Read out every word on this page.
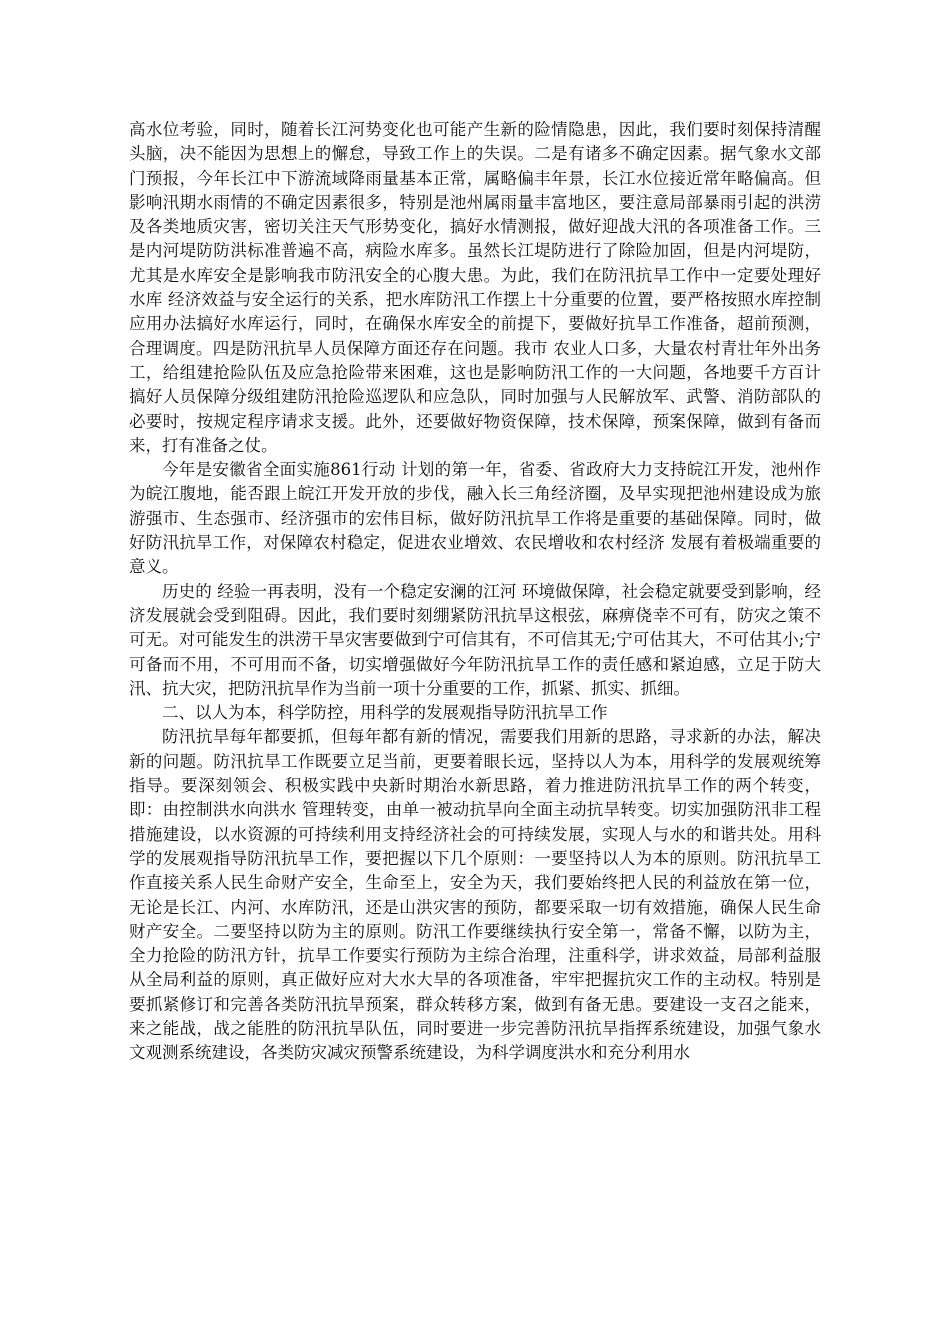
高水位考验，同时，随着长江河势变化也可能产生新的险情隐患，因此，我们要时刻保持清醒头脑，决不能因为思想上的懈怠，导致工作上的失误。二是有诸多不确定因素。据气象水文部门预报，今年长江中下游流域降雨量基本正常，属略偏丰年景，长江水位接近常年略偏高。但影响汛期水雨情的不确定因素很多，特别是池州属雨量丰富地区，要注意局部暴雨引起的洪涝及各类地质灾害，密切关注天气形势变化，搞好水情测报，做好迎战大汛的各项准备工作。三是内河堤防防洪标准普遍不高，病险水库多。虽然长江堤防进行了除险加固，但是内河堤防，尤其是水库安全是影响我市防汛安全的心腹大患。为此，我们在防汛抗旱工作中一定要处理好水库 经济效益与安全运行的关系，把水库防汛工作摆上十分重要的位置，要严格按照水库控制 应用办法搞好水库运行，同时，在确保水库安全的前提下，要做好抗旱工作准备，超前预测，合理调度。四是防汛抗旱人员保障方面还存在问题。我市 农业人口多，大量农村青壮年外出务工，给组建抢险队伍及应急抢险带来困难，这也是影响防汛工作的一大问题，各地要千方百计搞好人员保障分级组建防汛抢险巡逻队和应急队，同时加强与人民解放军、武警、消防部队的必要时，按规定程序请求支援。此外，还要做好物资保障，技术保障，预案保障，做到有备而来，打有准备之仗。

今年是安徽省全面实施861行动 计划的第一年，省委、省政府大力支持皖江开发，池州作为皖江腹地，能否跟上皖江开发开放的步伐，融入长三角经济圈，及早实现把池州建设成为旅游强市、生态强市、经济强市的宏伟目标，做好防汛抗旱工作将是重要的基础保障。同时，做好防汛抗旱工作，对保障农村稳定，促进农业增效、农民增收和农村经济 发展有着极端重要的意义。

历史的 经验一再表明，没有一个稳定安澜的江河 环境做保障，社会稳定就要受到影响，经济发展就会受到阻碍。因此，我们要时刻绷紧防汛抗旱这根弦，麻痹侥幸不可有，防灾之策不可无。对可能发生的洪涝干旱灾害要做到宁可信其有，不可信其无;宁可估其大，不可估其小;宁可备而不用，不可用而不备，切实增强做好今年防汛抗旱工作的责任感和紧迫感，立足于防大汛、抗大灾，把防汛抗旱作为当前一项十分重要的工作，抓紧、抓实、抓细。

二、以人为本，科学防控，用科学的发展观指导防汛抗旱工作

防汛抗旱每年都要抓，但每年都有新的情况，需要我们用新的思路，寻求新的办法，解决新的问题。防汛抗旱工作既要立足当前，更要着眼长远，坚持以人为本，用科学的发展观统筹指导。要深刻领会、积极实践中央新时期治水新思路，着力推进防汛抗旱工作的两个转变，即：由控制洪水向洪水 管理转变，由单一被动抗旱向全面主动抗旱转变。切实加强防汛非工程措施建设，以水资源的可持续利用支持经济社会的可持续发展，实现人与水的和谐共处。用科学的发展观指导防汛抗旱工作，要把握以下几个原则：一要坚持以人为本的原则。防汛抗旱工作直接关系人民生命财产安全，生命至上，安全为天，我们要始终把人民的利益放在第一位，无论是长江、内河、水库防汛，还是山洪灾害的预防，都要采取一切有效措施，确保人民生命财产安全。二要坚持以防为主的原则。防汛工作要继续执行安全第一，常备不懈，以防为主，全力抢险的防汛方针，抗旱工作要实行预防为主综合治理，注重科学，讲求效益，局部利益服从全局利益的原则，真正做好应对大水大旱的各项准备，牢牢把握抗灾工作的主动权。特别是要抓紧修订和完善各类防汛抗旱预案，群众转移方案，做到有备无患。要建设一支召之能来，来之能战，战之能胜的防汛抗旱队伍，同时要进一步完善防汛抗旱指挥系统建设，加强气象水文观测系统建设，各类防灾减灾预警系统建设，为科学调度洪水和充分利用水
